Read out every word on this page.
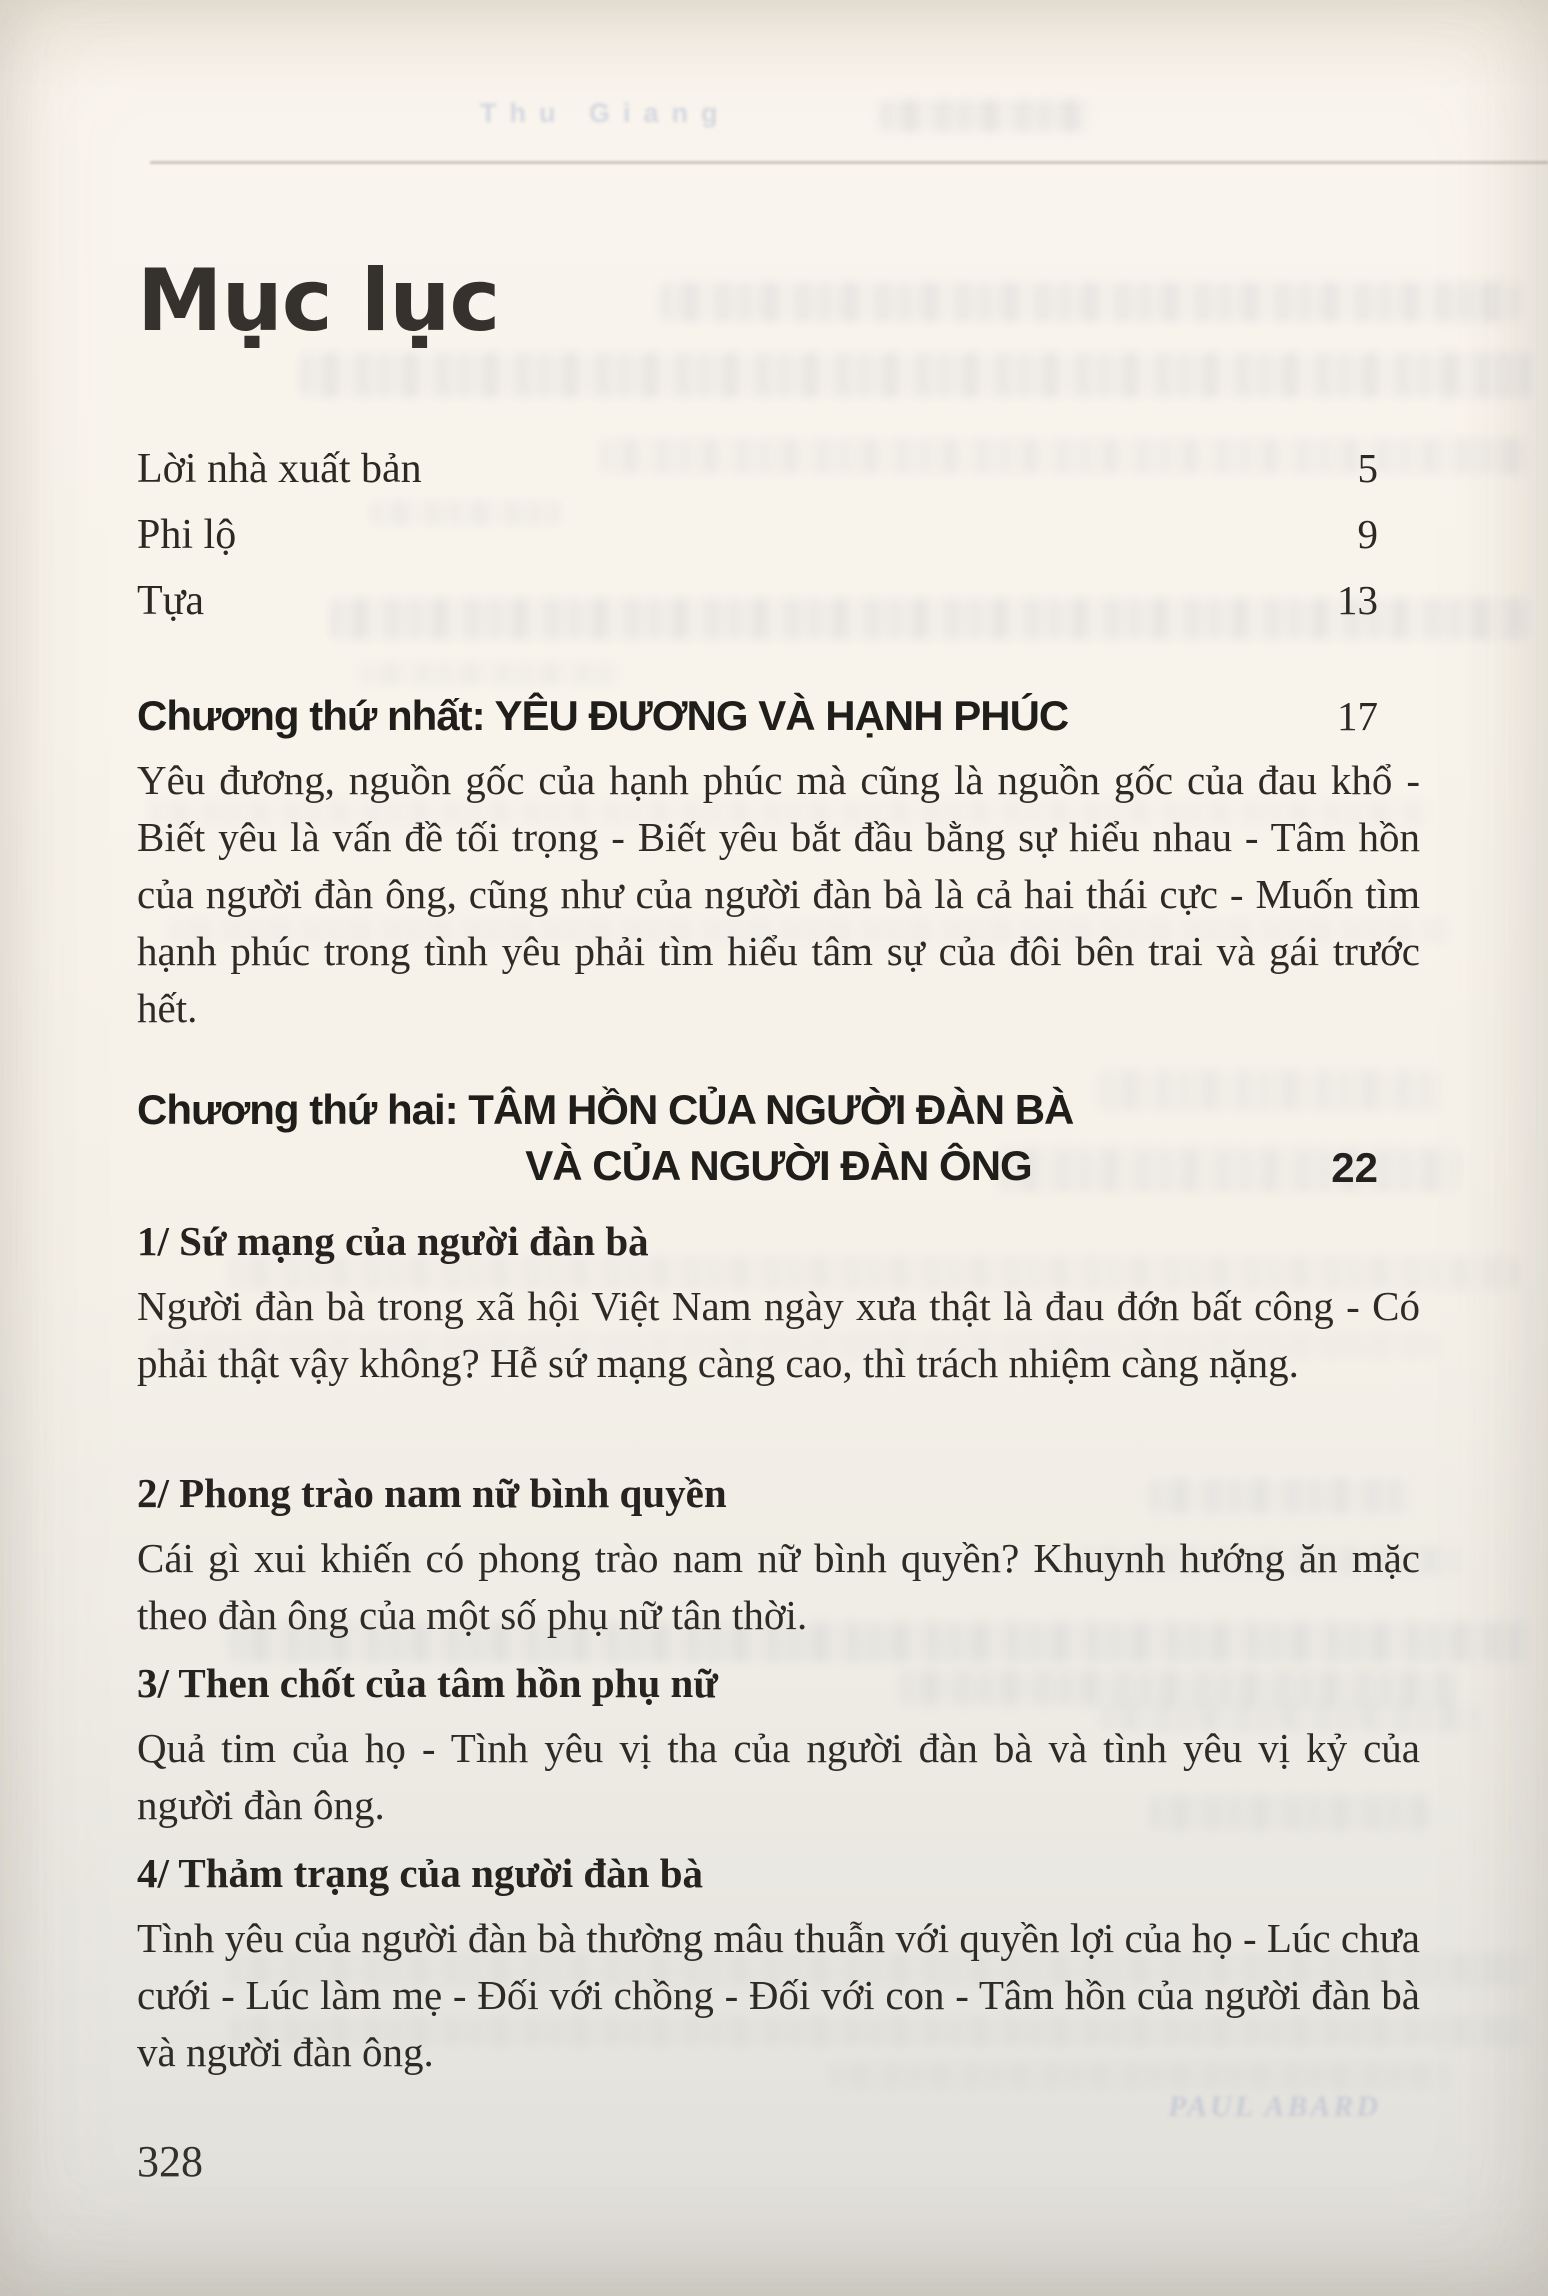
Thu Giang
Mục lục
Lời nhà xuất bản	5
Phi lộ	9
Tựa	13
Chương thứ nhất: YÊU ĐƯƠNG VÀ HẠNH PHÚC	17
Yêu đương, nguồn gốc của hạnh phúc mà cũng là nguồn gốc của đau khổ - Biết yêu là vấn đề tối trọng - Biết yêu bắt đầu bằng sự hiểu nhau - Tâm hồn của người đàn ông, cũng như của người đàn bà là cả hai thái cực - Muốn tìm hạnh phúc trong tình yêu phải tìm hiểu tâm sự của đôi bên trai và gái trước hết.
Chương thứ hai: TÂM HỒN CỦA NGƯỜI ĐÀN BÀ
VÀ CỦA NGƯỜI ĐÀN ÔNG	22
1/ Sứ mạng của người đàn bà
Người đàn bà trong xã hội Việt Nam ngày xưa thật là đau đớn bất công - Có phải thật vậy không? Hễ sứ mạng càng cao, thì trách nhiệm càng nặng.
2/ Phong trào nam nữ bình quyền
Cái gì xui khiến có phong trào nam nữ bình quyền? Khuynh hướng ăn mặc theo đàn ông của một số phụ nữ tân thời.
3/ Then chốt của tâm hồn phụ nữ
Quả tim của họ - Tình yêu vị tha của người đàn bà và tình yêu vị kỷ của người đàn ông.
4/ Thảm trạng của người đàn bà
Tình yêu của người đàn bà thường mâu thuẫn với quyền lợi của họ - Lúc chưa cưới - Lúc làm mẹ - Đối với chồng - Đối với con - Tâm hồn của người đàn bà và người đàn ông.
328
PAUL ABARD
